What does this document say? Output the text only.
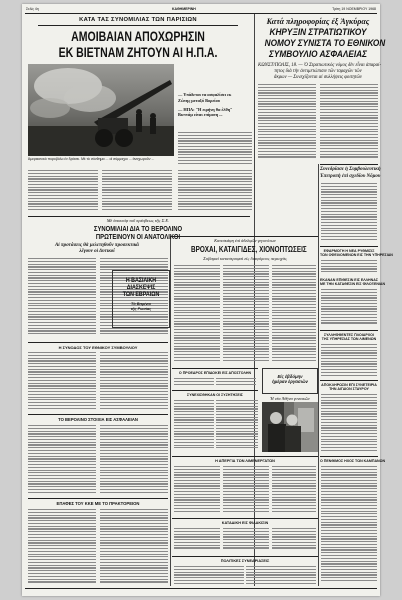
Σελίς 4η	ΚΑΘΗΜΕΡΙΝΗ	Τρίτη 19 ΝΟΕΜΒΡΙΟΥ 1968
ΚΑΤΑ ΤΑΣ ΣΥΝΟΜΙΛΙΑΣ ΤΩΝ ΠΑΡΙΣΙΩΝ
ΑΜΟΙΒΑΙΑΝ ΑΠΟΧΩΡΗΣΙΝ
ΕΚ ΒΙΕΤΝΑΜ ΖΗΤΟΥΝ ΑΙ Η.Π.Α.
Ἀμερικανικὸ πυροβόλο ἐν δράσει. Μὲ τὸ σύνθημα ... οἱ σύμμαχοι ... ἀναχωροῦν ...
— Υπάδεται να ασφαλίσει εκ
Ζώνης μεταξύ Βορείου
— ΗΠΑ: "Η ειρήνη θα έλθη"
Βιετνάμ είναι επίμονη ...
Μὲ ἀπουσίᾳ τοῦ πρέσβεως τῆς Σ.Ε.
ΣΥΝΟΜΙΛΙΑΙ ΔΙΑ ΤΟ ΒΕΡΟΛΙΝΟ
ΠΡΩΤΕΙΝΟΥΝ ΟΙ ΑΝΑΤΟΛΙΚΟΙ
Αἱ προτάσεις θὰ μελετηθοῦν προσεκτικά
λέγουν οἱ Δυτικοί
Η ΣΥΝΟΔΟΣ ΤΟΥ ΕΘΝΙΚΟΥ ΣΥΜΒΟΥΛΙΟΥ
ΤΟ ΒΕΡΟΛΙΝΟ ΣΤΟΙΧΙΑ ΕΙΣ ΑΣΦΑΛΕΙΑΝ
ΕΠΑΦΕΣ ΤΟΥ ΚΚΕ ΜΕ ΤΟ ΠΡΑΚΤΟΡΕΙΟΝ
Κατά πληροφορίας ἐξ Ἀγκύρας
ΚΗΡΥΞΙΝ ΣΤΡΑΤΙΩΤΙΚΟΥ
ΝΟΜΟΥ ΣΥΝΙΣΤΑ ΤΟ ΕΘΝΙΚΟΝ
ΣΥΜΒΟΥΛΙΟ ΑΣΦΑΛΕΙΑΣ
ΚΩΝΣΤ/ΠΟΛΙΣ, 18. — Ὁ Στρατιωτικός νόμος δὲν εἶναι ἀπαραί-
τητος διὰ τὴν ἀντιμετώπισιν τῶν ταραχῶν τῶν
ἄκρων — Συνεχίζονται αἱ συλλήψεις φοιτητῶν
Συνεδρίασε ἡ Συμβουλευτικὴ
Ἐπιτροπὴ ἐπὶ σχεδίου Νόμου
ΕΦΑΡΜΟΓΗ Η ΝΕΑ ΡΥΘΜΙΣΙΣ
ΤΩΝ ΟΦΕΙΛΟΜΕΝΩΝ ΕΙΣ ΤΗΝ ΥΠΗΡΕΣΙΑΝ
ΕΚΑΝΑΝ ΕΠΙΘΕΣΙΝ ΕΙΣ ΕΛΛΗΝΑΣ
ΜΕ ΤΗΝ ΚΑΤΑΘΕΣΙΝ ΕΙΣ ΦΙΛΟΞΕΝΙΑΝ
ΣΥΛΛΗΦΘΕΝΤΕΣ ΠΛΟΙΑΡΧΟΙ
ΤΗΣ ΥΠΗΡΕΣΙΑΣ ΤΩΝ ΛΙΜΕΝΩΝ
ΑΠΟΚΛΗΡΩΣΙΝ ΕΠΙ ΣΥΝΕΤΕΙΡΙΑ
ΤΗΝ ΑΙΓΑΙΟΝ ΣΤΑΥΡΟΥ
Ο ΠΕΝΘΙΜΟΣ ΗΧΟΣ ΤΩΝ ΚΑΜΠΑΝΩΝ
Κατεσκάφη ἐπὶ ἀδελφῶν γεγονότων
ΒΡΟΧΑΙ, ΚΑΤΑΙΓΙΔΕΣ, ΧΙΟΝΟΠΤΩΣΕΙΣ
Σοβαραὶ καταστροφαὶ εἰς διαφόρους περιοχὰς
Εἰς ἐβδόμην
ἡμέραν ἐργασιῶν
Η ΒΑΣΙΛΙΚΗ
ΔΙΑΣΚΕΨΙΣ
ΤΩΝ ΕΒΡΑΙΩΝ
Τὸ Βιτρίνιο
τῆς Ρωσίας
Ο ΠΡΟΕΔΡΟΣ ΕΠΙΔΟΚΕΙ ΕΙΣ ΑΠΟΣΤΟΛΗΝ
Ἡ νέα Ἀθήνα γυναικῶν
ΣΥΝΕΧΙΣΘΗΚΑΝ ΟΙ ΣΥΖΗΤΗΣΕΙΣ
Η ΑΠΕΡΓΙΑ ΤΩΝ ΛΙΜΕΝΕΡΓΑΤΩΝ
ΚΑΤΑΔΙΚΗ ΕΙΣ ΦΙΛΑΚΙΣΙΝ
ΠΟΛΙΤΙΚΕΣ ΣΥΝΕΔΡΙΑΣΕΙΣ
